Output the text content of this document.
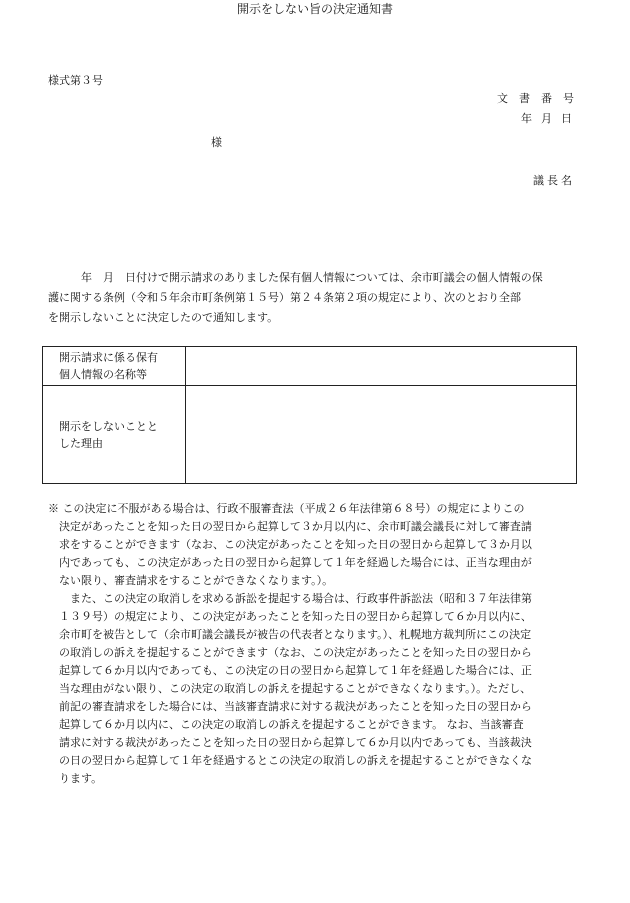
様式第３号
文書番号
年月日
様
議長名
開示をしない旨の決定通知書
　　　年　月　日付けで開示請求のありました保有個人情報については、余市町議会の個人情報の保
護に関する条例（令和５年余市町条例第１５号）第２４条第２項の規定により、次のとおり全部
を開示しないことに決定したので通知します。
開示請求に係る保有
個人情報の名称等	
開示をしないことと
した理由	
※ この決定に不服がある場合は、行政不服審査法（平成２６年法律第６８号）の規定によりこの
　決定があったことを知った日の翌日から起算して３か月以内に、余市町議会議長に対して審査請
　求をすることができます（なお、この決定があったことを知った日の翌日から起算して３か月以
　内であっても、この決定があった日の翌日から起算して１年を経過した場合には、正当な理由が
　ない限り、審査請求をすることができなくなります。）。
　　また、この決定の取消しを求める訴訟を提起する場合は、行政事件訴訟法（昭和３７年法律第
　１３９号）の規定により、この決定があったことを知った日の翌日から起算して６か月以内に、
　余市町を被告として（余市町議会議長が被告の代表者となります。）、札幌地方裁判所にこの決定
　の取消しの訴えを提起することができます（なお、この決定があったことを知った日の翌日から
　起算して６か月以内であっても、この決定の日の翌日から起算して１年を経過した場合には、正
　当な理由がない限り、この決定の取消しの訴えを提起することができなくなります。）。ただし、
　前記の審査請求をした場合には、当該審査請求に対する裁決があったことを知った日の翌日から
　起算して６か月以内に、この決定の取消しの訴えを提起することができます。 なお、当該審査
　請求に対する裁決があったことを知った日の翌日から起算して６か月以内であっても、当該裁決
　の日の翌日から起算して１年を経過するとこの決定の取消しの訴えを提起することができなくな
　ります。
